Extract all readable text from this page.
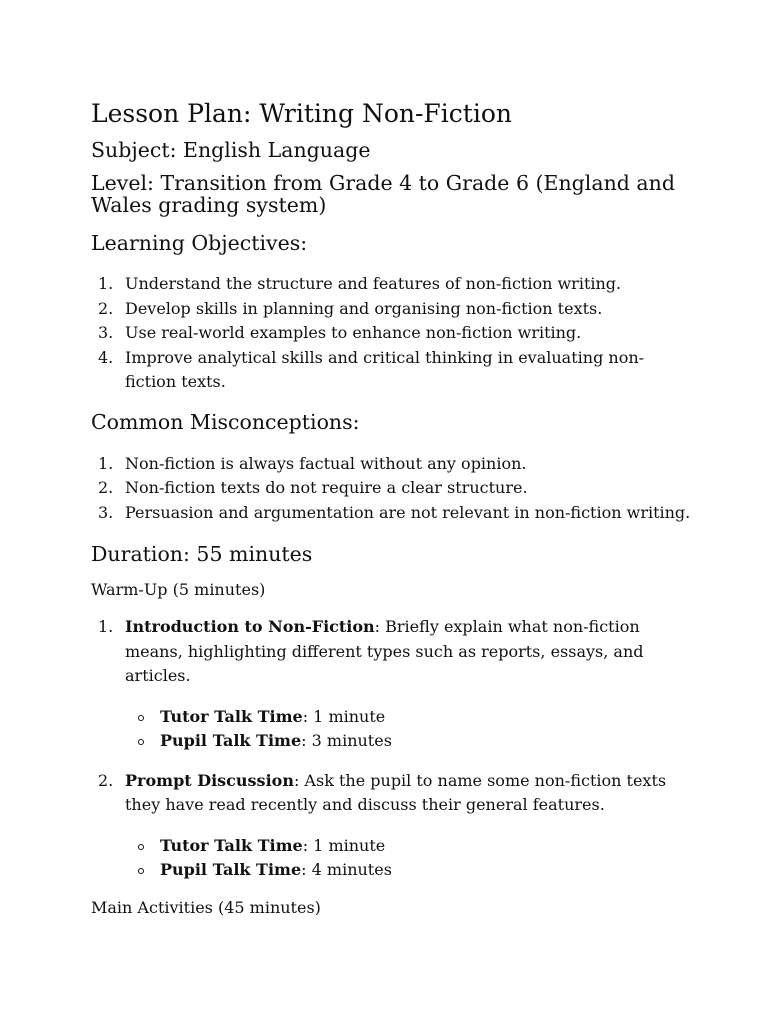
Lesson Plan: Writing Non-Fiction
Subject: English Language
Level: Transition from Grade 4 to Grade 6 (England and Wales grading system)
Learning Objectives:
1. Understand the structure and features of non-fiction writing.
2. Develop skills in planning and organising non-fiction texts.
3. Use real-world examples to enhance non-fiction writing.
4. Improve analytical skills and critical thinking in evaluating non-fiction texts.
Common Misconceptions:
1. Non-fiction is always factual without any opinion.
2. Non-fiction texts do not require a clear structure.
3. Persuasion and argumentation are not relevant in non-fiction writing.
Duration: 55 minutes
Warm-Up (5 minutes)
1. Introduction to Non-Fiction: Briefly explain what non-fiction means, highlighting different types such as reports, essays, and articles.
Tutor Talk Time: 1 minute
Pupil Talk Time: 3 minutes
2. Prompt Discussion: Ask the pupil to name some non-fiction texts they have read recently and discuss their general features.
Tutor Talk Time: 1 minute
Pupil Talk Time: 4 minutes
Main Activities (45 minutes)
